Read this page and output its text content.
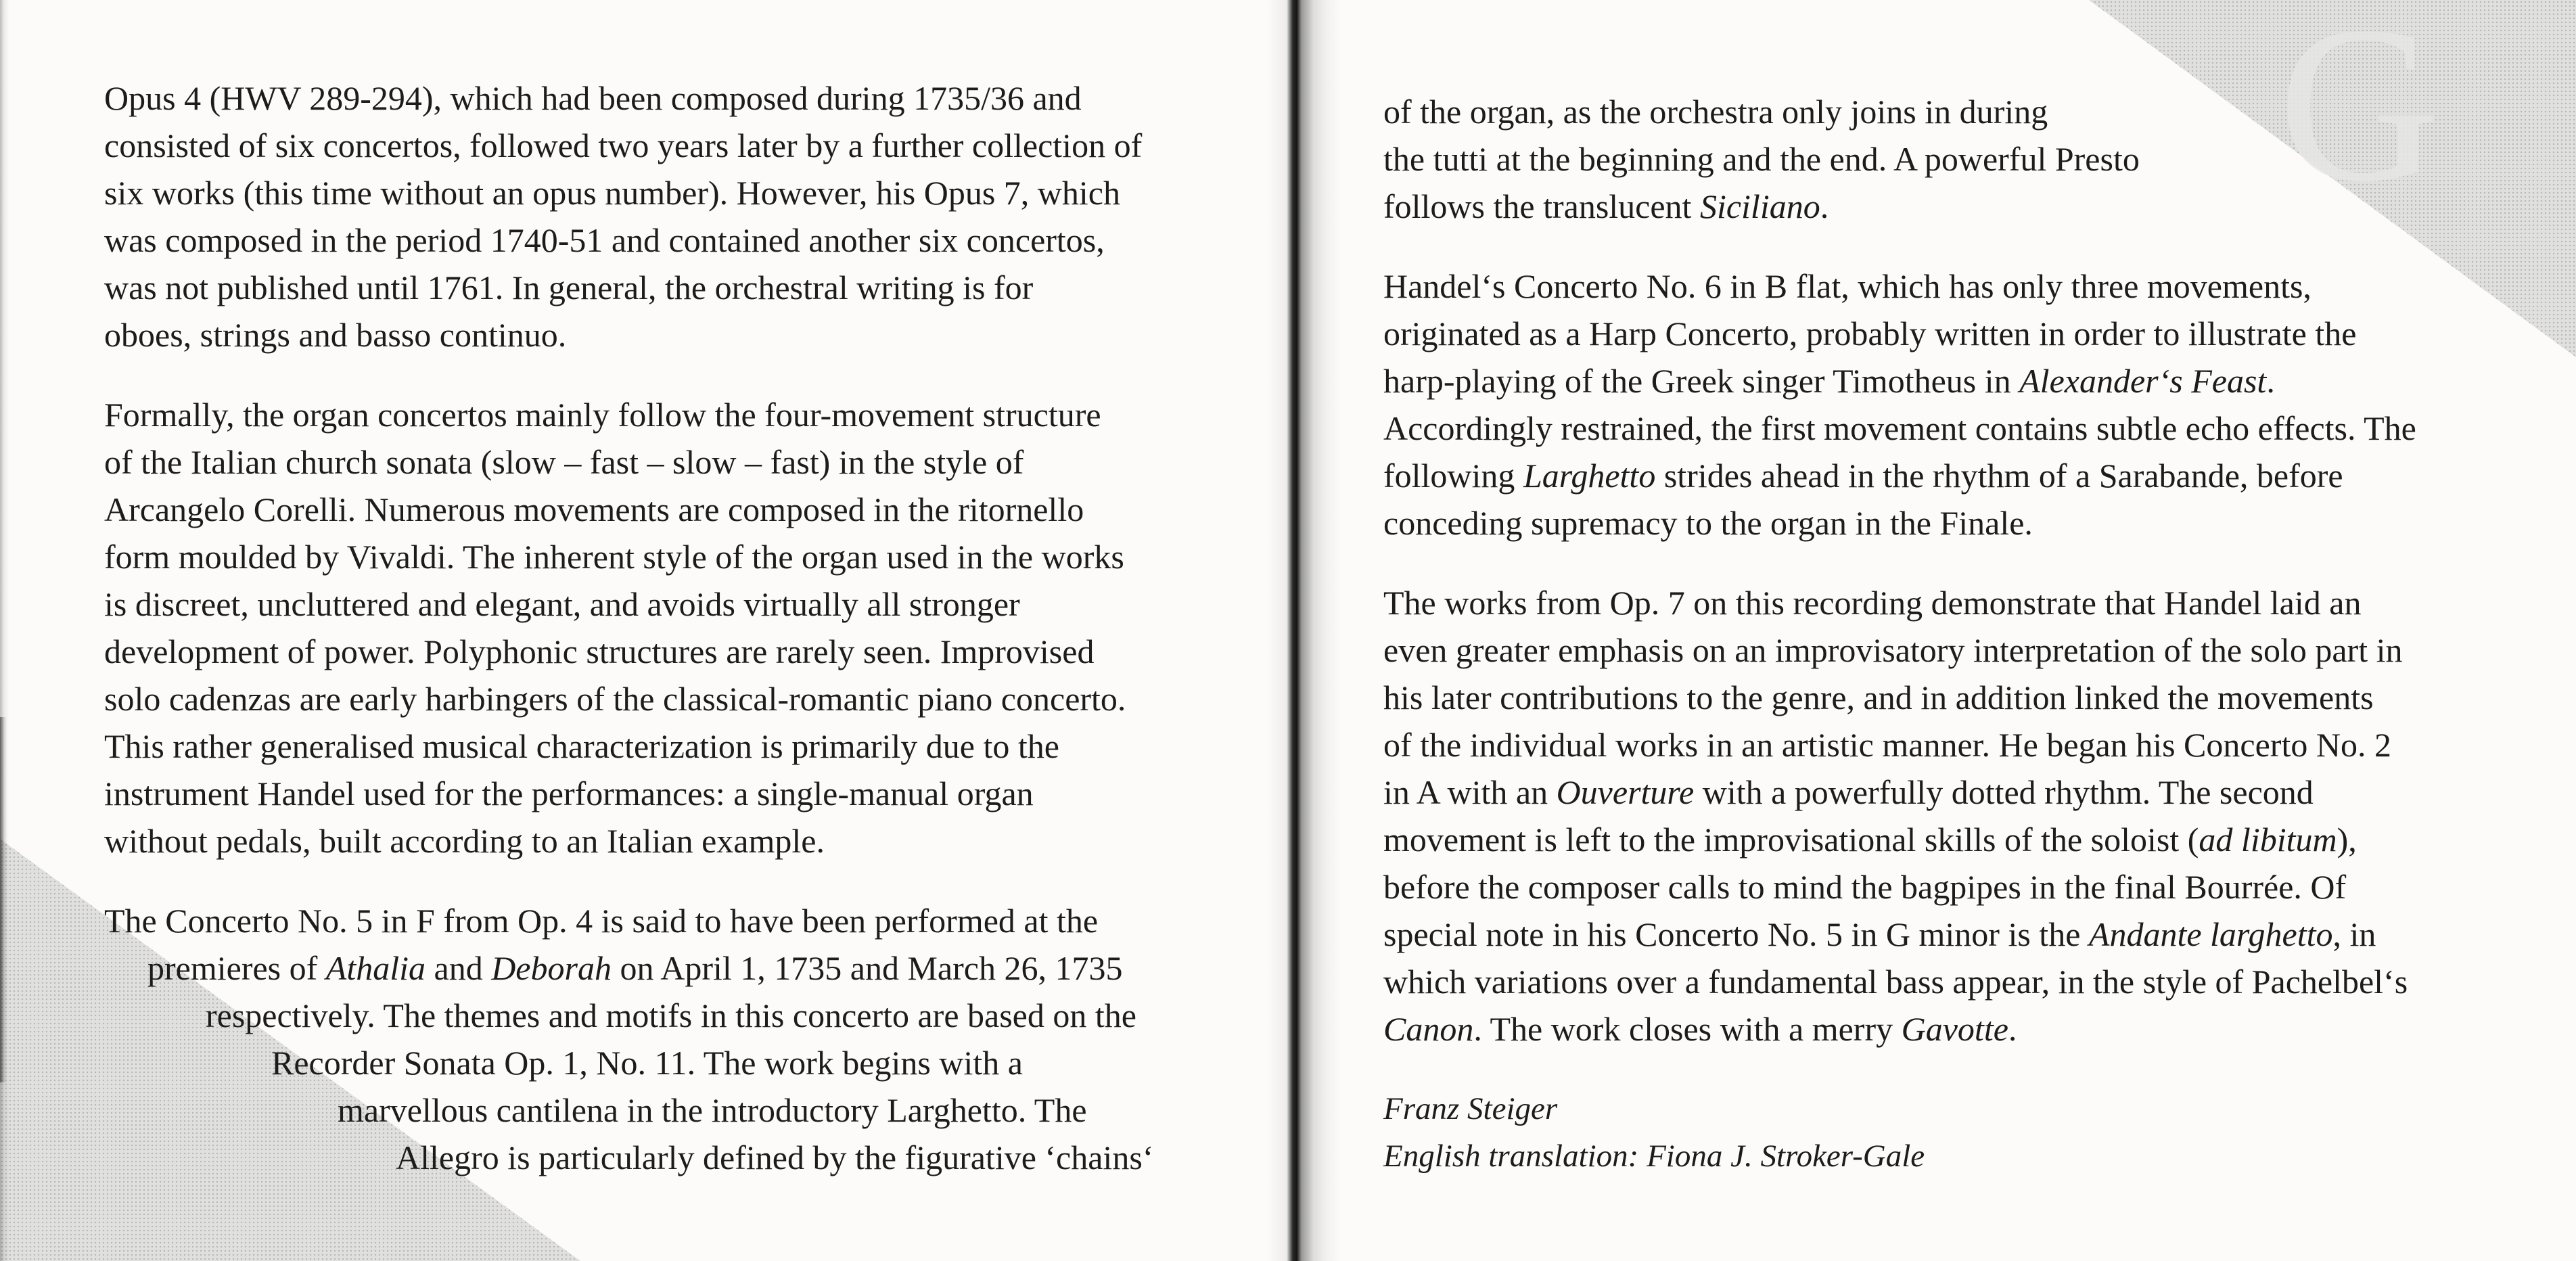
G
Opus 4 (HWV 289-294), which had been composed during 1735/36 and
consisted of six concertos, followed two years later by a further collection of
six works (this time without an opus number). However, his Opus 7, which
was composed in the period 1740-51 and contained another six concertos,
was not published until 1761. In general, the orchestral writing is for
oboes, strings and basso continuo.
Formally, the organ concertos mainly follow the four-movement structure
of the Italian church sonata (slow – fast – slow – fast) in the style of
Arcangelo Corelli. Numerous movements are composed in the ritornello
form moulded by Vivaldi. The inherent style of the organ used in the works
is discreet, uncluttered and elegant, and avoids virtually all stronger
development of power. Polyphonic structures are rarely seen. Improvised
solo cadenzas are early harbingers of the classical-romantic piano concerto.
This rather generalised musical characterization is primarily due to the
instrument Handel used for the performances: a single-manual organ
without pedals, built according to an Italian example.
The Concerto No. 5 in F from Op. 4 is said to have been performed at the
premieres of Athalia and Deborah on April 1, 1735 and March 26, 1735
respectively. The themes and motifs in this concerto are based on the
Recorder Sonata Op. 1, No. 11. The work begins with a
marvellous cantilena in the introductory Larghetto. The
Allegro is particularly defined by the figurative ‘chains‘
of the organ, as the orchestra only joins in during
the tutti at the beginning and the end. A powerful Presto
follows the translucent Siciliano.
Handel‘s Concerto No. 6 in B flat, which has only three movements,
originated as a Harp Concerto, probably written in order to illustrate the
harp-playing of the Greek singer Timotheus in Alexander‘s Feast.
Accordingly restrained, the first movement contains subtle echo effects. The
following Larghetto strides ahead in the rhythm of a Sarabande, before
conceding supremacy to the organ in the Finale.
The works from Op. 7 on this recording demonstrate that Handel laid an
even greater emphasis on an improvisatory interpretation of the solo part in
his later contributions to the genre, and in addition linked the movements
of the individual works in an artistic manner. He began his Concerto No. 2
in A with an Ouverture with a powerfully dotted rhythm. The second
movement is left to the improvisational skills of the soloist (ad libitum),
before the composer calls to mind the bagpipes in the final Bourrée. Of
special note in his Concerto No. 5 in G minor is the Andante larghetto, in
which variations over a fundamental bass appear, in the style of Pachelbel‘s
Canon. The work closes with a merry Gavotte.
Franz Steiger
English translation: Fiona J. Stroker-Gale
